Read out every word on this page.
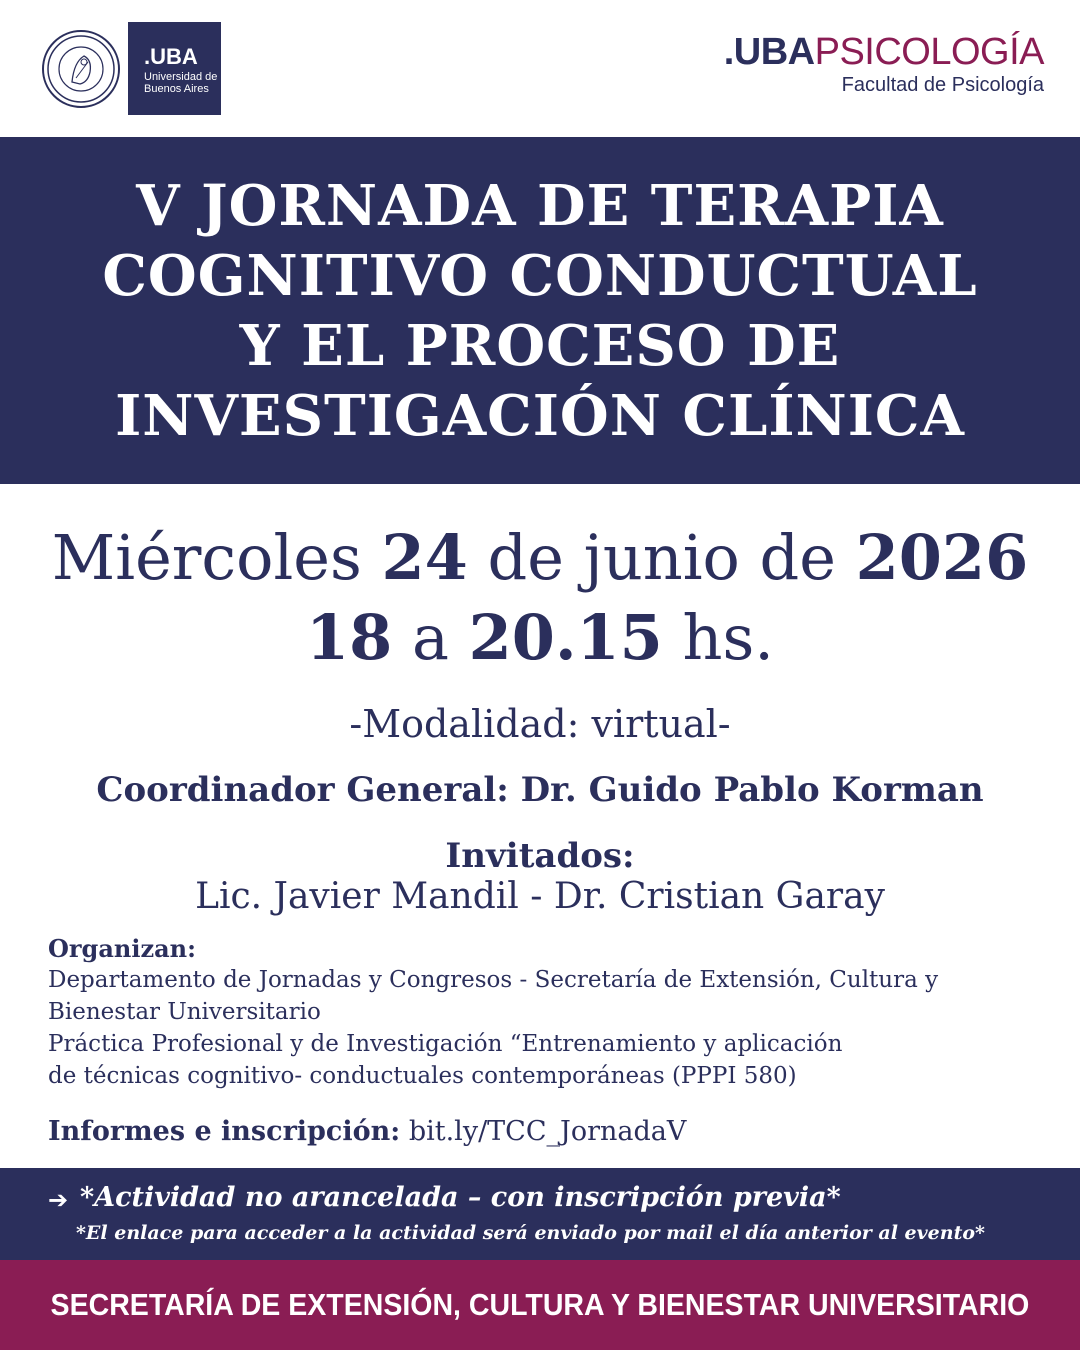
.UBA
Universidad de
Buenos Aires
.UBAPSICOLOGÍA
Facultad de Psicología
V JORNADA DE TERAPIA
COGNITIVO CONDUCTUAL
Y EL PROCESO DE
INVESTIGACIÓN CLÍNICA
Miércoles 24 de junio de 2026
18 a 20.15 hs.
-Modalidad: virtual-
Coordinador General: Dr. Guido Pablo Korman
Invitados:
Lic. Javier Mandil - Dr. Cristian Garay
Organizan:
Departamento de Jornadas y Congresos - Secretaría de Extensión, Cultura y
Bienestar Universitario
Práctica Profesional y de Investigación “Entrenamiento y aplicación
de técnicas cognitivo- conductuales contemporáneas (PPPI 580)
Informes e inscripción: bit.ly/TCC_JornadaV
➔ *Actividad no arancelada – con inscripción previa*
*El enlace para acceder a la actividad será enviado por mail el día anterior al evento*
SECRETARÍA DE EXTENSIÓN, CULTURA Y BIENESTAR UNIVERSITARIO
